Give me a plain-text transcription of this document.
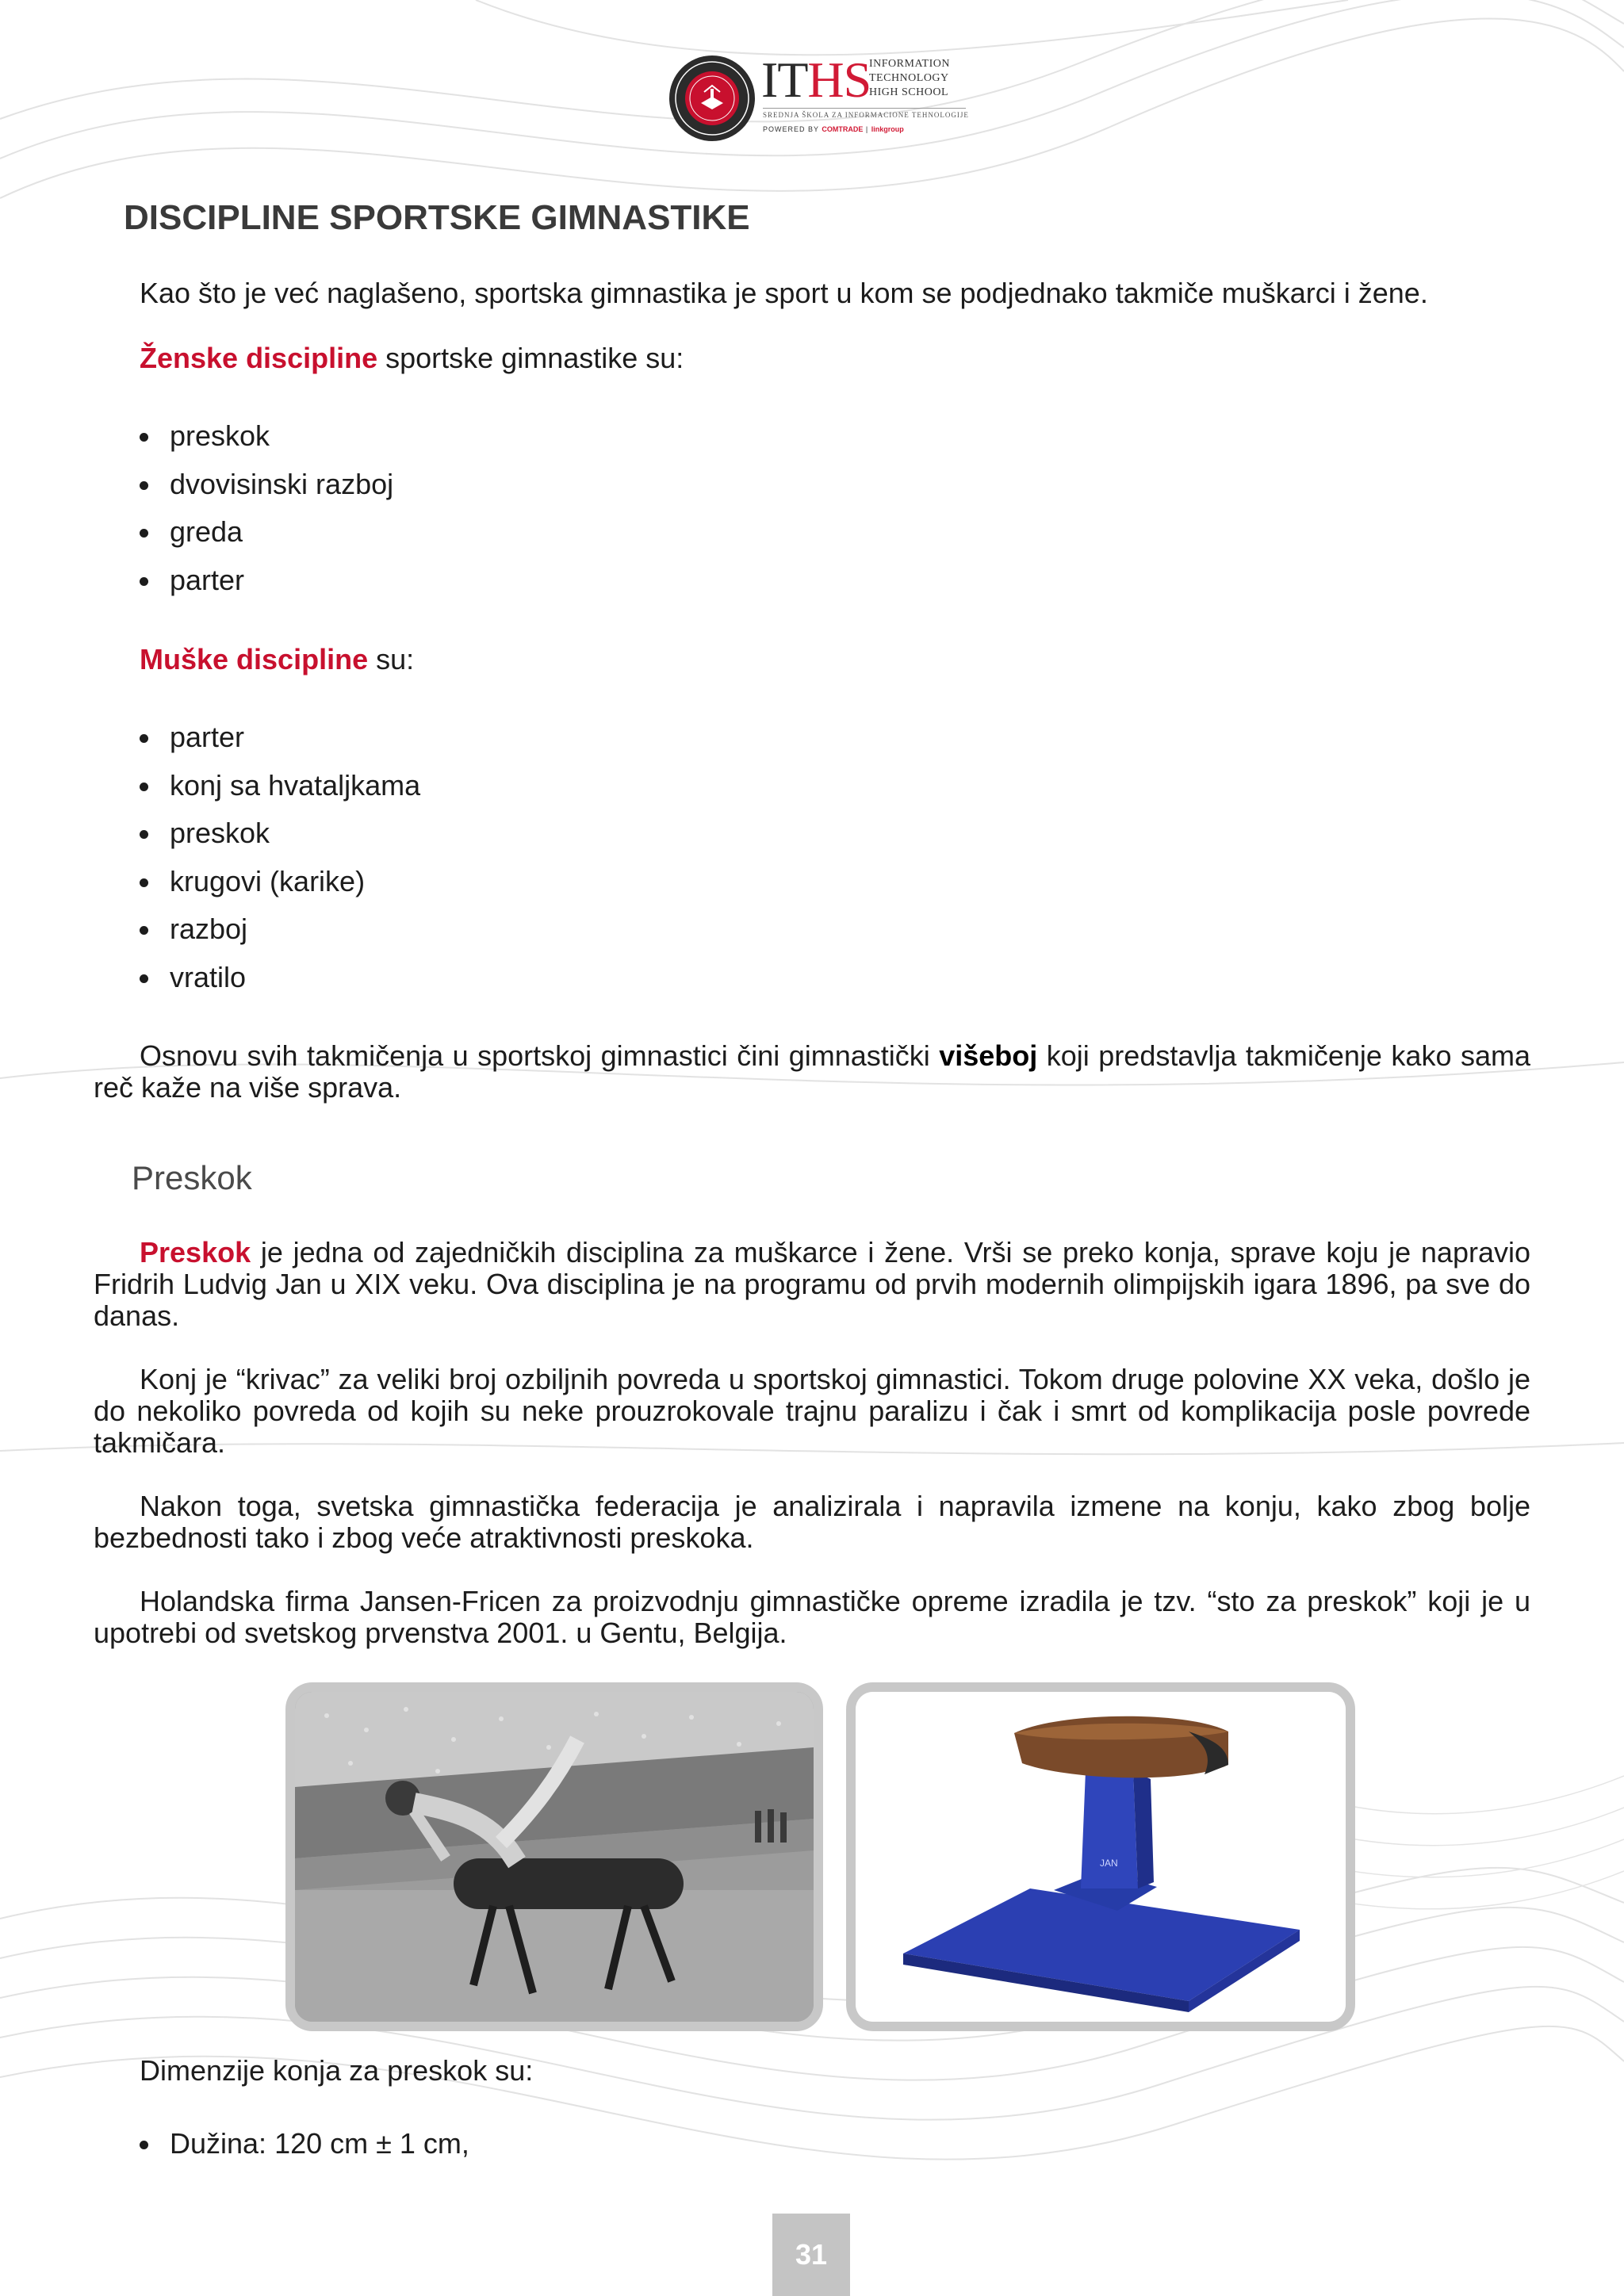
ITHS
INFORMATION
TECHNOLOGY
HIGH SCHOOL
SREDNJA ŠKOLA ZA INFORMACIONE TEHNOLOGIJE
POWERED BY COMTRADE | linkgroup
DISCIPLINE SPORTSKE GIMNASTIKE
Kao što je već naglašeno, sportska gimnastika je sport u kom se podjednako takmiče muškarci i žene.
Ženske discipline sportske gimnastike su:
preskok
dvovisinski razboj
greda
parter
Muške discipline su:
parter
konj sa hvataljkama
preskok
krugovi (karike)
razboj
vratilo
Osnovu svih takmičenja u sportskoj gimnastici čini gimnastički višeboj koji predstavlja takmičenje kako sama reč kaže na više sprava.
Preskok
Preskok je jedna od zajedničkih disciplina za muškarce i žene. Vrši se preko konja, sprave koju je napravio Fridrih Ludvig Jan u XIX veku. Ova disciplina je na programu od prvih modernih olimpijskih igara 1896, pa sve do danas.
Konj je “krivac” za veliki broj ozbiljnih povreda u sportskoj gimnastici. Tokom druge polovine XX veka, došlo je do nekoliko povreda od kojih su neke prouzrokovale trajnu paralizu i čak i smrt od komplikacija posle povrede takmičara.
Nakon toga, svetska gimnastička federacija je analizirala i napravila izmene na konju, kako zbog bolje bezbednosti tako i zbog veće atraktivnosti preskoka.
Holandska firma Jansen-Fricen za proizvodnju gimnastičke opreme izradila je tzv. “sto za preskok” koji je u upotrebi od svetskog prvenstva 2001. u Gentu, Belgija.
JAN
Dimenzije konja za preskok su:
Dužina: 120 cm ± 1 cm,
31
